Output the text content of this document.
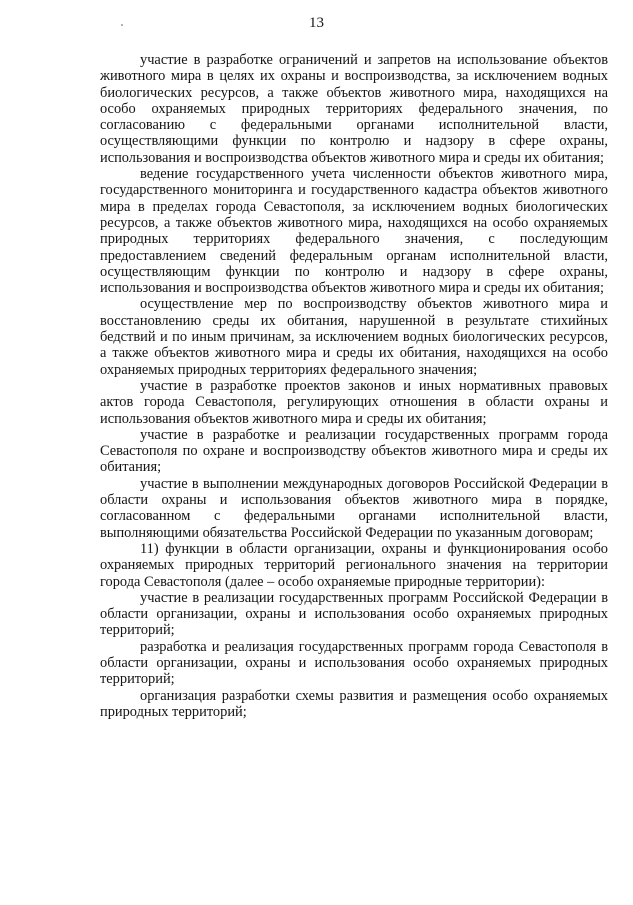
13

участие в разработке ограничений и запретов на использование объектов животного мира в целях их охраны и воспроизводства, за исключением водных биологических ресурсов, а также объектов животного мира, находящихся на особо охраняемых природных территориях федерального значения, по согласованию с федеральными органами исполнительной власти, осуществляющими функции по контролю и надзору в сфере охраны, использования и воспроизводства объектов животного мира и среды их обитания;

ведение государственного учета численности объектов животного мира, государственного мониторинга и государственного кадастра объектов животного мира в пределах города Севастополя, за исключением водных биологических ресурсов, а также объектов животного мира, находящихся на особо охраняемых природных территориях федерального значения, с последующим предоставлением сведений федеральным органам исполнительной власти, осуществляющим функции по контролю и надзору в сфере охраны, использования и воспроизводства объектов животного мира и среды их обитания;

осуществление мер по воспроизводству объектов животного мира и восстановлению среды их обитания, нарушенной в результате стихийных бедствий и по иным причинам, за исключением водных биологических ресурсов, а также объектов животного мира и среды их обитания, находящихся на особо охраняемых природных территориях федерального значения;

участие в разработке проектов законов и иных нормативных правовых актов города Севастополя, регулирующих отношения в области охраны и использования объектов животного мира и среды их обитания;

участие в разработке и реализации государственных программ города Севастополя по охране и воспроизводству объектов животного мира и среды их обитания;

участие в выполнении международных договоров Российской Федерации в области охраны и использования объектов животного мира в порядке, согласованном с федеральными органами исполнительной власти, выполняющими обязательства Российской Федерации по указанным договорам;

11) функции в области организации, охраны и функционирования особо охраняемых природных территорий регионального значения на территории города Севастополя (далее – особо охраняемые природные территории):

участие в реализации государственных программ Российской Федерации в области организации, охраны и использования особо охраняемых природных территорий;

разработка и реализация государственных программ города Севастополя в области организации, охраны и использования особо охраняемых природных территорий;

организация разработки схемы развития и размещения особо охраняемых природных территорий;
